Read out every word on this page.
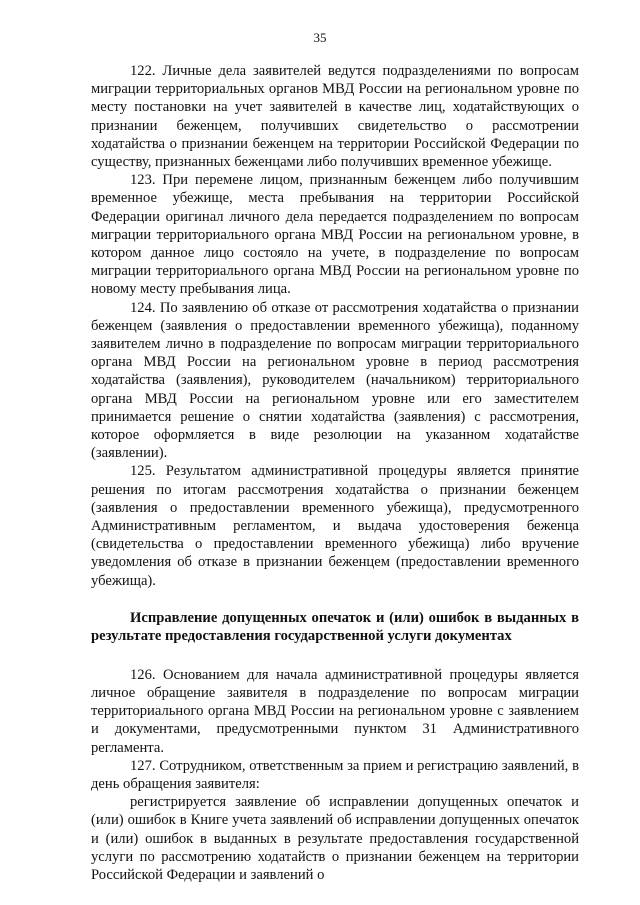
35

122. Личные дела заявителей ведутся подразделениями по вопросам миграции территориальных органов МВД России на региональном уровне по месту постановки на учет заявителей в качестве лиц, ходатайствующих о признании беженцем, получивших свидетельство о рассмотрении ходатайства о признании беженцем на территории Российской Федерации по существу, признанных беженцами либо получивших временное убежище.

123. При перемене лицом, признанным беженцем либо получившим временное убежище, места пребывания на территории Российской Федерации оригинал личного дела передается подразделением по вопросам миграции территориального органа МВД России на региональном уровне, в котором данное лицо состояло на учете, в подразделение по вопросам миграции территориального органа МВД России на региональном уровне по новому месту пребывания лица.

124. По заявлению об отказе от рассмотрения ходатайства о признании беженцем (заявления о предоставлении временного убежища), поданному заявителем лично в подразделение по вопросам миграции территориального органа МВД России на региональном уровне в период рассмотрения ходатайства (заявления), руководителем (начальником) территориального органа МВД России на региональном уровне или его заместителем принимается решение о снятии ходатайства (заявления) с рассмотрения, которое оформляется в виде резолюции на указанном ходатайстве (заявлении).

125. Результатом административной процедуры является принятие решения по итогам рассмотрения ходатайства о признании беженцем (заявления о предоставлении временного убежища), предусмотренного Административным регламентом, и выдача удостоверения беженца (свидетельства о предоставлении временного убежища) либо вручение уведомления об отказе в признании беженцем (предоставлении временного убежища).

Исправление допущенных опечаток и (или) ошибок в выданных в результате предоставления государственной услуги документах

126. Основанием для начала административной процедуры является личное обращение заявителя в подразделение по вопросам миграции территориального органа МВД России на региональном уровне с заявлением и документами, предусмотренными пунктом 31 Административного регламента.

127. Сотрудником, ответственным за прием и регистрацию заявлений, в день обращения заявителя:

регистрируется заявление об исправлении допущенных опечаток и (или) ошибок в Книге учета заявлений об исправлении допущенных опечаток и (или) ошибок в выданных в результате предоставления государственной услуги по рассмотрению ходатайств о признании беженцем на территории Российской Федерации и заявлений о
